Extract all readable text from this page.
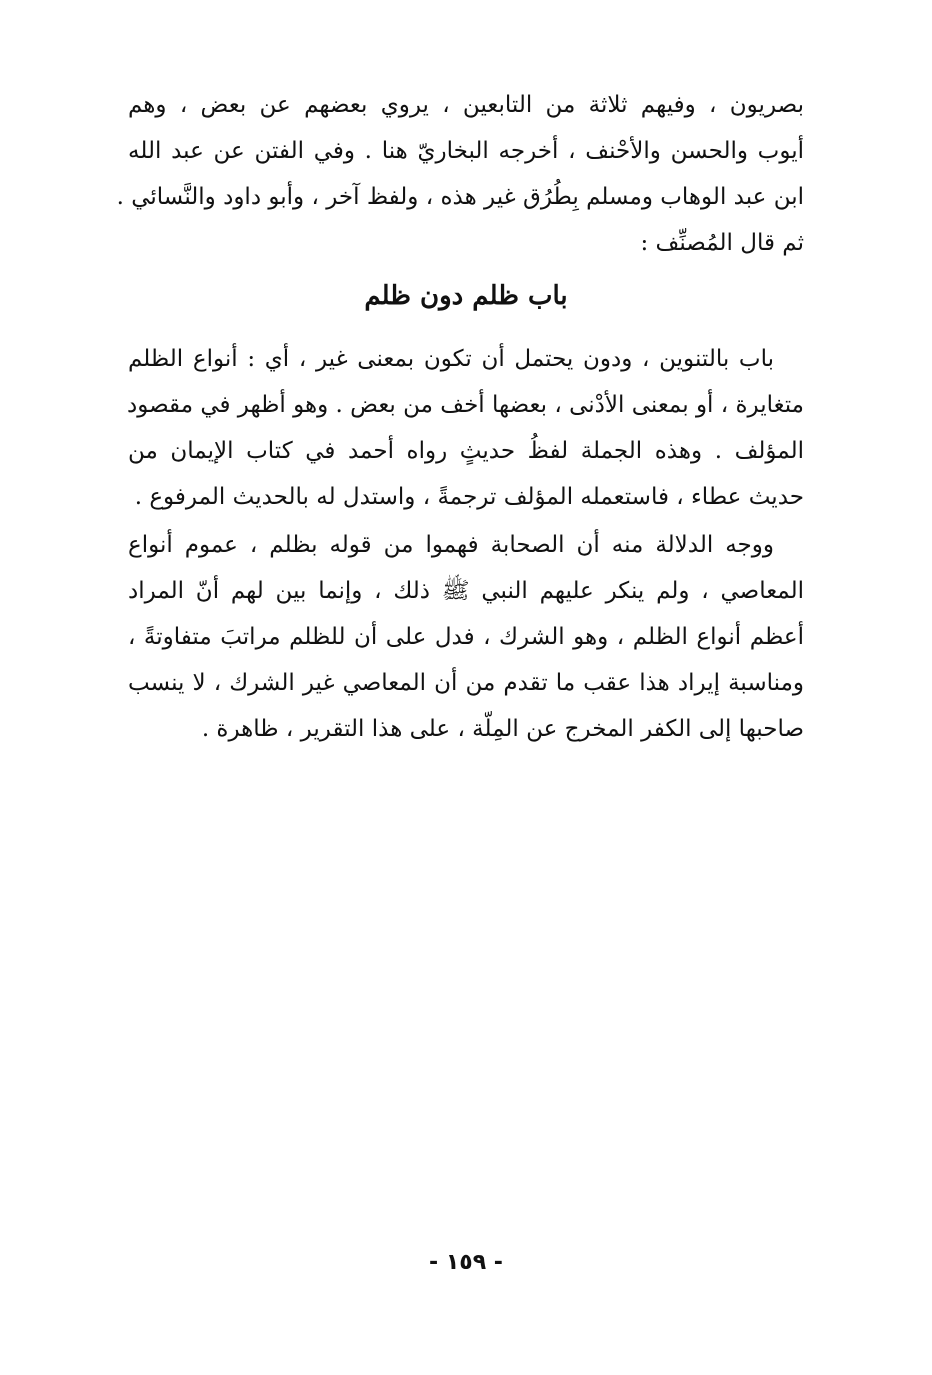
بصريون ، وفيهم ثلاثة من التابعين ، يروي بعضهم عن بعض ، وهم
أيوب والحسن والأحْنف ، أخرجه البخاريّ هنا . وفي الفتن عن عبد الله
ابن عبد الوهاب ومسلم بِطُرُق غير هذه ، ولفظ آخر ، وأبو داود والنَّسائي .
ثم قال المُصنِّف :
باب ظلم دون ظلم
باب بالتنوين ، ودون يحتمل أن تكون بمعنى غير ، أي : أنواع الظلم
متغايرة ، أو بمعنى الأدْنى ، بعضها أخف من بعض . وهو أظهر في مقصود
المؤلف . وهذه الجملة لفظُ حديثٍ رواه أحمد في كتاب الإيمان من
حديث عطاء ، فاستعمله المؤلف ترجمةً ، واستدل له بالحديث المرفوع .
ووجه الدلالة منه أن الصحابة فهموا من قوله بظلم ، عموم أنواع
المعاصي ، ولم ينكر عليهم النبي ﷺ ذلك ، وإنما بين لهم أنّ المراد
أعظم أنواع الظلم ، وهو الشرك ، فدل على أن للظلم مراتبَ متفاوتةً ،
ومناسبة إيراد هذا عقب ما تقدم من أن المعاصي غير الشرك ، لا ينسب
صاحبها إلى الكفر المخرج عن المِلّة ، على هذا التقرير ، ظاهرة .
- ١٥٩ -
